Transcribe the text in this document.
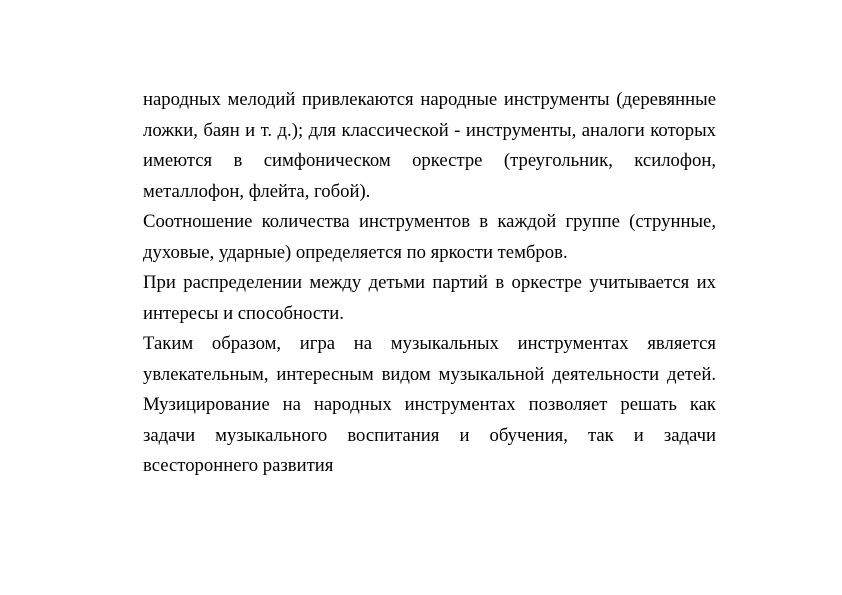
народных мелодий привлекаются народные инструменты (деревянные ложки, баян и т. д.); для классической - инструменты, аналоги которых имеются в симфоническом оркестре (треугольник, ксилофон, металлофон, флейта, гобой).

Соотношение количества инструментов в каждой группе (струнные, духовые, ударные) определяется по яркости тембров.

При распределении между детьми партий в оркестре учитывается их интересы и способности.

Таким образом, игра на музыкальных инструментах является увлекательным, интересным видом музыкальной деятельности детей. Музицирование на народных инструментах позволяет решать как задачи музыкального воспитания и обучения, так и задачи всестороннего развития
